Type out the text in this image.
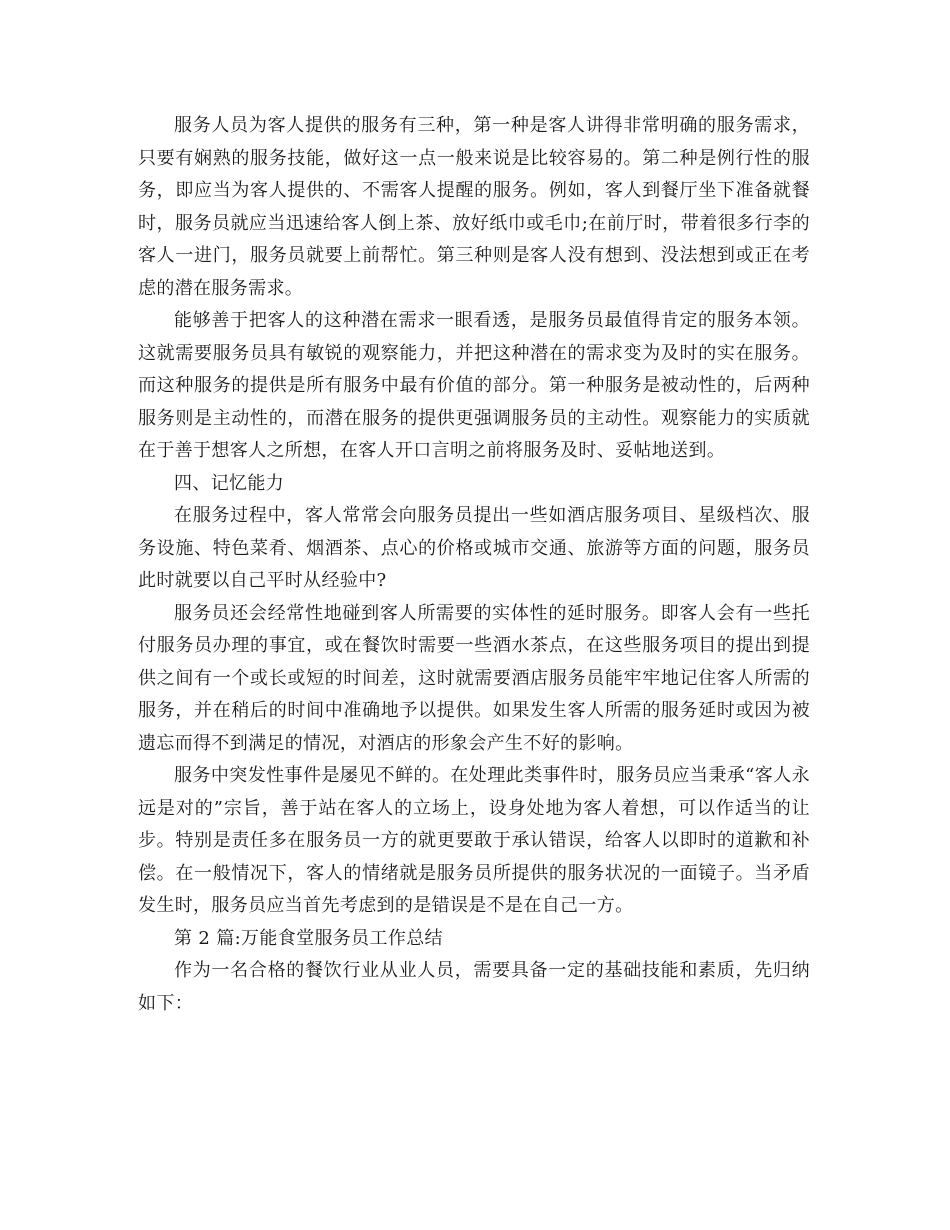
服务人员为客人提供的服务有三种，第一种是客人讲得非常明确的服务需求，只要有娴熟的服务技能，做好这一点一般来说是比较容易的。第二种是例行性的服务，即应当为客人提供的、不需客人提醒的服务。例如，客人到餐厅坐下准备就餐时，服务员就应当迅速给客人倒上茶、放好纸巾或毛巾;在前厅时，带着很多行李的客人一进门，服务员就要上前帮忙。第三种则是客人没有想到、没法想到或正在考虑的潜在服务需求。

能够善于把客人的这种潜在需求一眼看透，是服务员最值得肯定的服务本领。这就需要服务员具有敏锐的观察能力，并把这种潜在的需求变为及时的实在服务。而这种服务的提供是所有服务中最有价值的部分。第一种服务是被动性的，后两种服务则是主动性的，而潜在服务的提供更强调服务员的主动性。观察能力的实质就在于善于想客人之所想，在客人开口言明之前将服务及时、妥帖地送到。

四、记忆能力

在服务过程中，客人常常会向服务员提出一些如酒店服务项目、星级档次、服务设施、特色菜肴、烟酒茶、点心的价格或城市交通、旅游等方面的问题，服务员此时就要以自己平时从经验中?

服务员还会经常性地碰到客人所需要的实体性的延时服务。即客人会有一些托付服务员办理的事宜，或在餐饮时需要一些酒水茶点，在这些服务项目的提出到提供之间有一个或长或短的时间差，这时就需要酒店服务员能牢牢地记住客人所需的服务，并在稍后的时间中准确地予以提供。如果发生客人所需的服务延时或因为被遗忘而得不到满足的情况，对酒店的形象会产生不好的影响。

服务中突发性事件是屡见不鲜的。在处理此类事件时，服务员应当秉承“客人永远是对的”宗旨，善于站在客人的立场上，设身处地为客人着想，可以作适当的让步。特别是责任多在服务员一方的就更要敢于承认错误，给客人以即时的道歉和补偿。在一般情况下，客人的情绪就是服务员所提供的服务状况的一面镜子。当矛盾发生时，服务员应当首先考虑到的是错误是不是在自己一方。

第 2 篇:万能食堂服务员工作总结

作为一名合格的餐饮行业从业人员，需要具备一定的基础技能和素质，先归纳如下：
